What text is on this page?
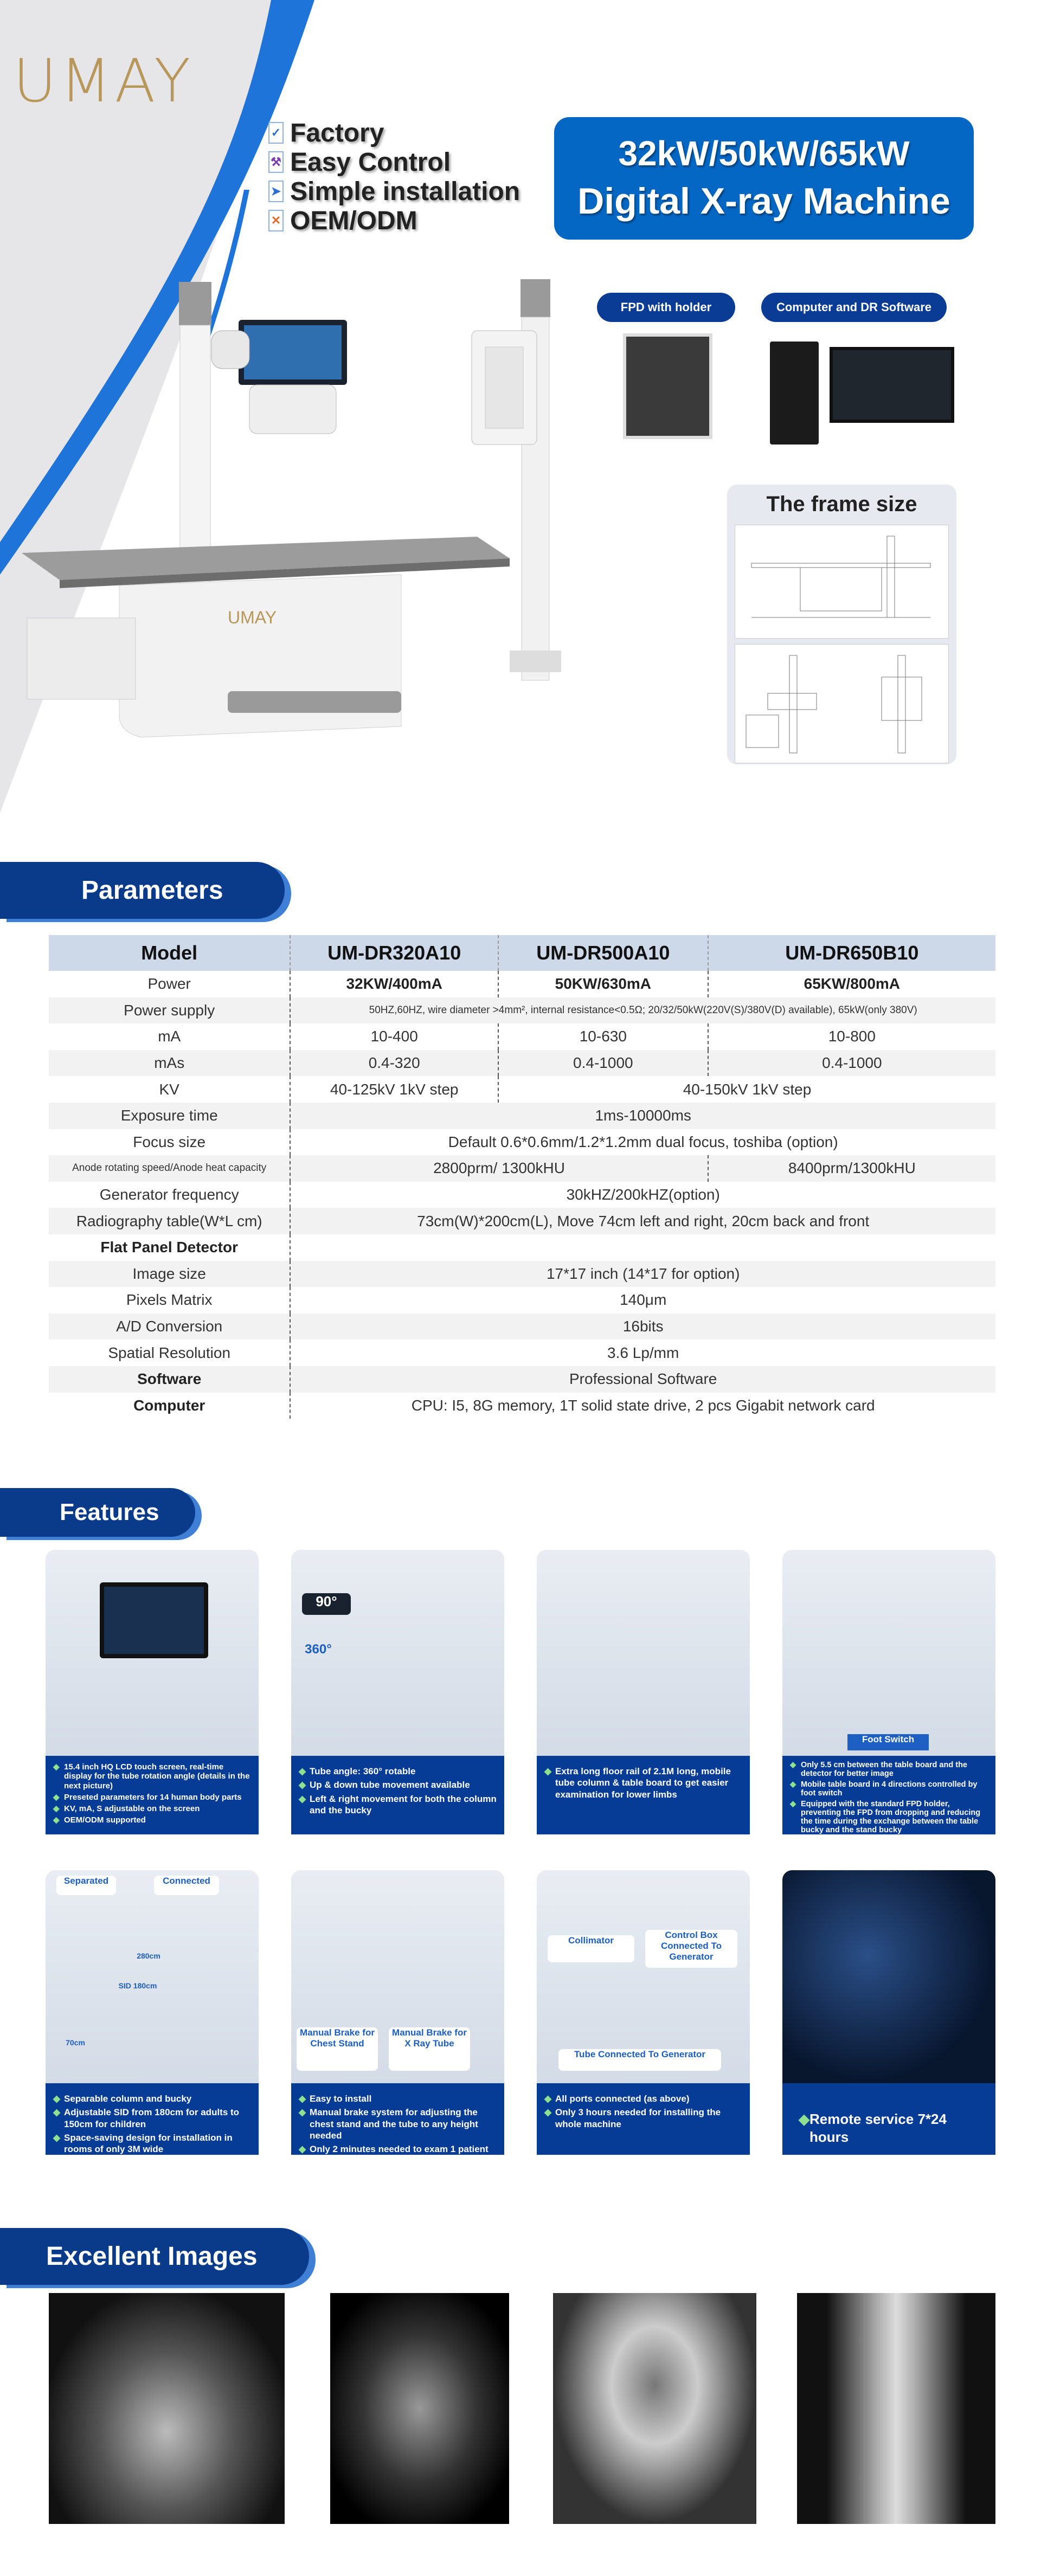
UMAY
✓ Factory
⚒ Easy Control
➤ Simple installation
✕ OEM/ODM
32kW/50kW/65kW
Digital X-ray Machine
UMAY
FPD with holder	Computer and DR Software
The frame size
Parameters
Model	UM-DR320A10	UM-DR500A10	UM-DR650B10
Power	32KW/400mA	50KW/630mA	65KW/800mA
Power supply	50HZ,60HZ, wire diameter >4mm², internal resistance<0.5Ω; 20/32/50kW(220V(S)/380V(D) available), 65kW(only 380V)		
mA	10-400	10-630	10-800
mAs	0.4-320	0.4-1000	0.4-1000
KV	40-125kV 1kV step	40-150kV 1kV step	
Exposure time	1ms-10000ms		
Focus size	Default 0.6*0.6mm/1.2*1.2mm dual focus, toshiba (option)		
Anode rotating speed/Anode heat capacity	2800prm/ 1300kHU		8400prm/1300kHU
Generator frequency	30kHZ/200kHZ(option)		
Radiography table(W*L cm)	73cm(W)*200cm(L), Move 74cm left and right, 20cm back and front		
Flat Panel Detector			
Image size	17*17 inch (14*17 for option)		
Pixels Matrix	140μm		
A/D Conversion	16bits		
Spatial Resolution	3.6 Lp/mm		
Software	Professional Software		
Computer	CPU: I5, 8G memory, 1T solid state drive, 2 pcs Gigabit network card		
Features
◆ 15.4 inch HQ LCD touch screen, real-time display for the tube rotation angle (details in the next picture)
◆ Preseted parameters for 14 human body parts
◆ KV, mA, S adjustable on the screen
◆ OEM/ODM supported
90°
360°
◆ Tube angle: 360° rotable
◆ Up & down tube movement available
◆ Left & right movement for both the column and the bucky
◆ Extra long floor rail of 2.1M long, mobile tube column & table board to get easier examination for lower limbs
Foot Switch
◆ Only 5.5 cm between the table board and the detector for better image
◆ Mobile table board in 4 directions controlled by foot switch
◆ Equipped with the standard FPD holder, preventing the FPD from dropping and reducing the time during the exchange between the table bucky and the stand bucky
Separated	Connected
280cm
SID 180cm
70cm
◆ Separable column and bucky
◆ Adjustable SID from 180cm for adults to 150cm for children
◆ Space-saving design for installation in rooms of only 3M wide
Manual Brake for Chest Stand
Manual Brake for X Ray Tube
◆ Easy to install
◆ Manual brake system for adjusting the chest stand and the tube to any height needed
◆ Only 2 minutes needed to exam 1 patient
Collimator
Control Box Connected To Generator
Tube Connected To Generator
◆ All ports connected (as above)
◆ Only 3 hours needed for installing the whole machine	◆ Remote service 7*24 hours
Excellent Images
